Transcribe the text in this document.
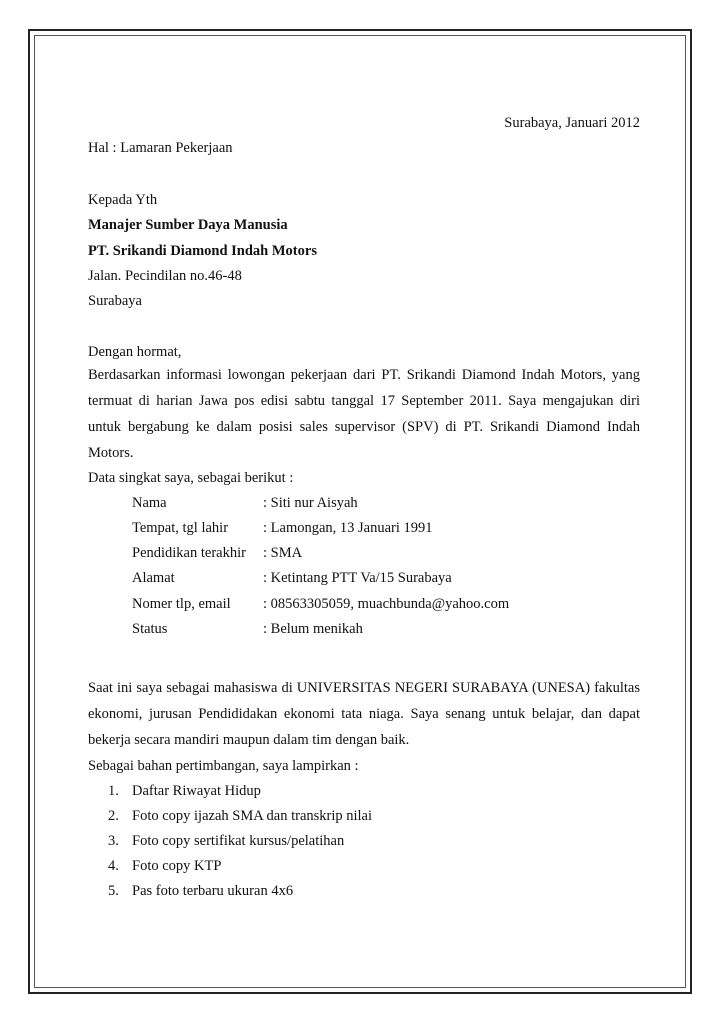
Surabaya, Januari 2012
Hal : Lamaran Pekerjaan
Kepada Yth
Manajer Sumber Daya Manusia
PT. Srikandi Diamond Indah Motors
Jalan. Pecindilan no.46-48
Surabaya
Dengan hormat,
Berdasarkan informasi lowongan pekerjaan dari PT. Srikandi Diamond Indah Motors, yang termuat di harian Jawa pos edisi sabtu tanggal 17 September 2011. Saya mengajukan diri untuk bergabung ke dalam posisi sales supervisor (SPV) di PT. Srikandi Diamond Indah Motors.
Data singkat saya, sebagai berikut :
Nama	: Siti nur Aisyah
Tempat, tgl lahir : Lamongan, 13 Januari 1991
Pendidikan terakhir : SMA
Alamat	: Ketintang PTT Va/15 Surabaya
Nomer tlp, email : 08563305059, muachbunda@yahoo.com
Status	: Belum menikah
Saat ini saya sebagai mahasiswa di UNIVERSITAS NEGERI SURABAYA (UNESA) fakultas ekonomi, jurusan Pendididakan ekonomi tata niaga. Saya senang untuk belajar, dan dapat bekerja secara mandiri maupun dalam tim dengan baik.
Sebagai bahan pertimbangan, saya lampirkan :
1. Daftar Riwayat Hidup
2. Foto copy ijazah SMA dan transkrip nilai
3. Foto copy sertifikat kursus/pelatihan
4. Foto copy KTP
5. Pas foto terbaru ukuran 4x6
